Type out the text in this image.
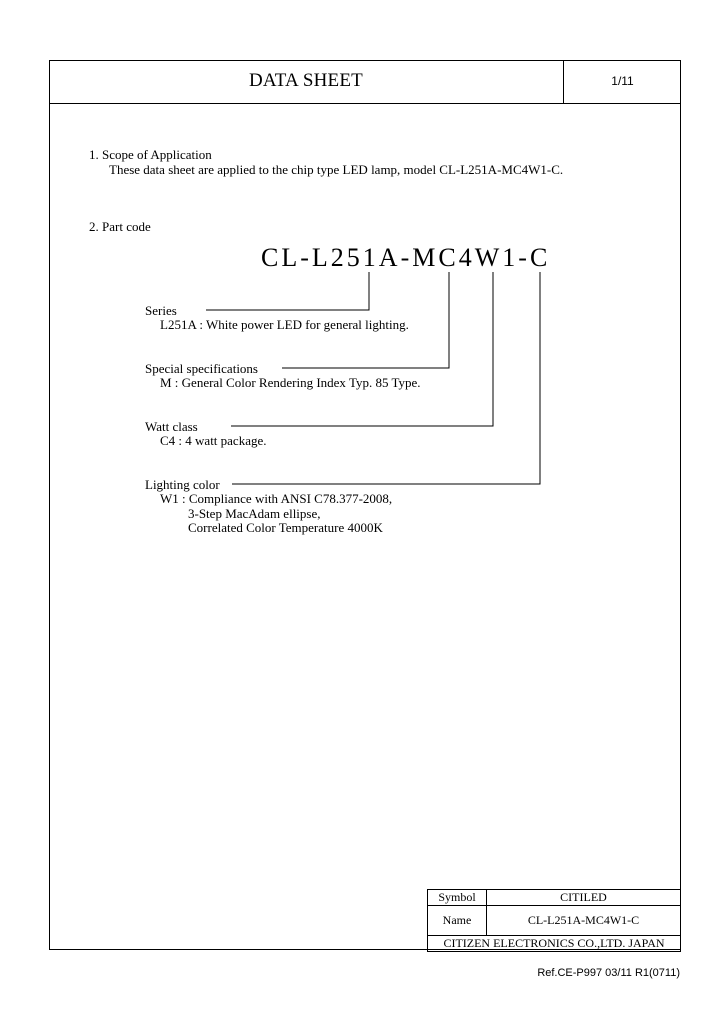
DATA SHEET	1/11
1. Scope of Application
These data sheet are applied to the chip type LED lamp, model CL-L251A-MC4W1-C.
2. Part code
CL-L251A-MC4W1-C
Series
L251A : White power LED for general lighting.
Special specifications
M : General Color Rendering Index Typ. 85 Type.
Watt class
C4 : 4 watt package.
Lighting color
W1 : Compliance with ANSI C78.377-2008,
3-Step MacAdam ellipse,
Correlated Color Temperature 4000K
Symbol	CITILED
Name	CL-L251A-MC4W1-C
CITIZEN ELECTRONICS CO.,LTD. JAPAN	
Ref.CE-P997 03/11 R1(0711)
